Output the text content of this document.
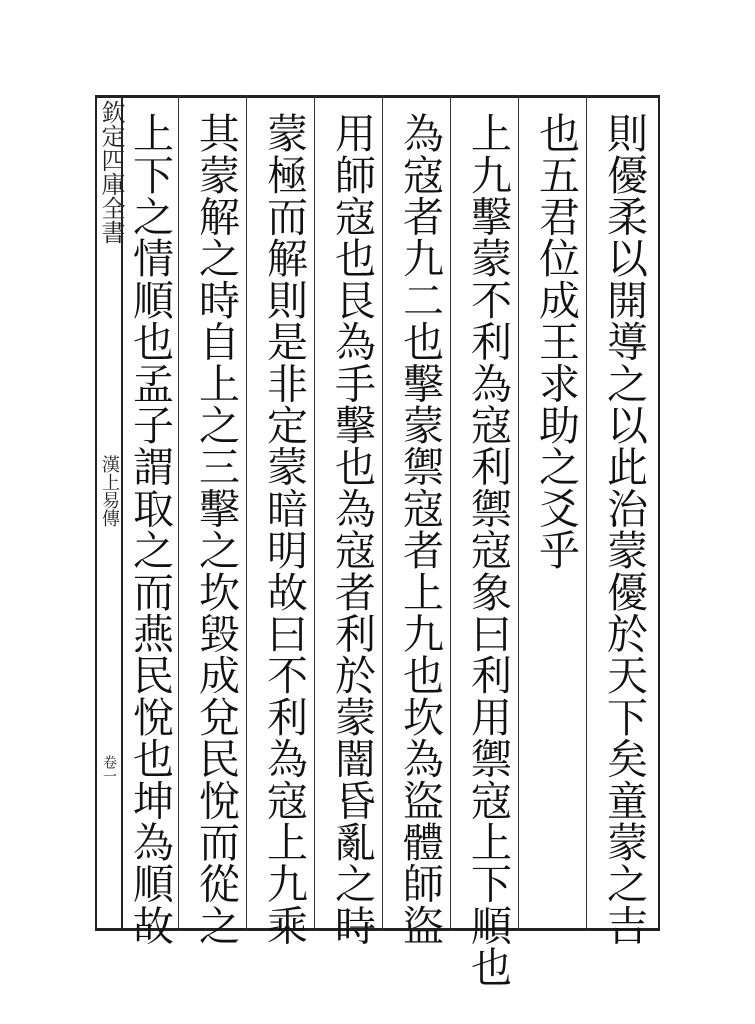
欽定四庫全書
漢上易傳
卷一	則優柔以開導之以此治蒙優於天下矣童蒙之吉
也五君位成王求助之爻乎
上九擊蒙不利為寇利禦寇象曰利用禦寇上下順也
為寇者九二也擊蒙禦寇者上九也坎為盜體師盜
用師寇也艮為手擊也為寇者利於蒙闇昏亂之時
蒙極而解則是非定蒙暗明故曰不利為寇上九乘
其蒙解之時自上之三擊之坎毀成兌民悅而從之
上下之情順也孟子謂取之而燕民悅也坤為順故
